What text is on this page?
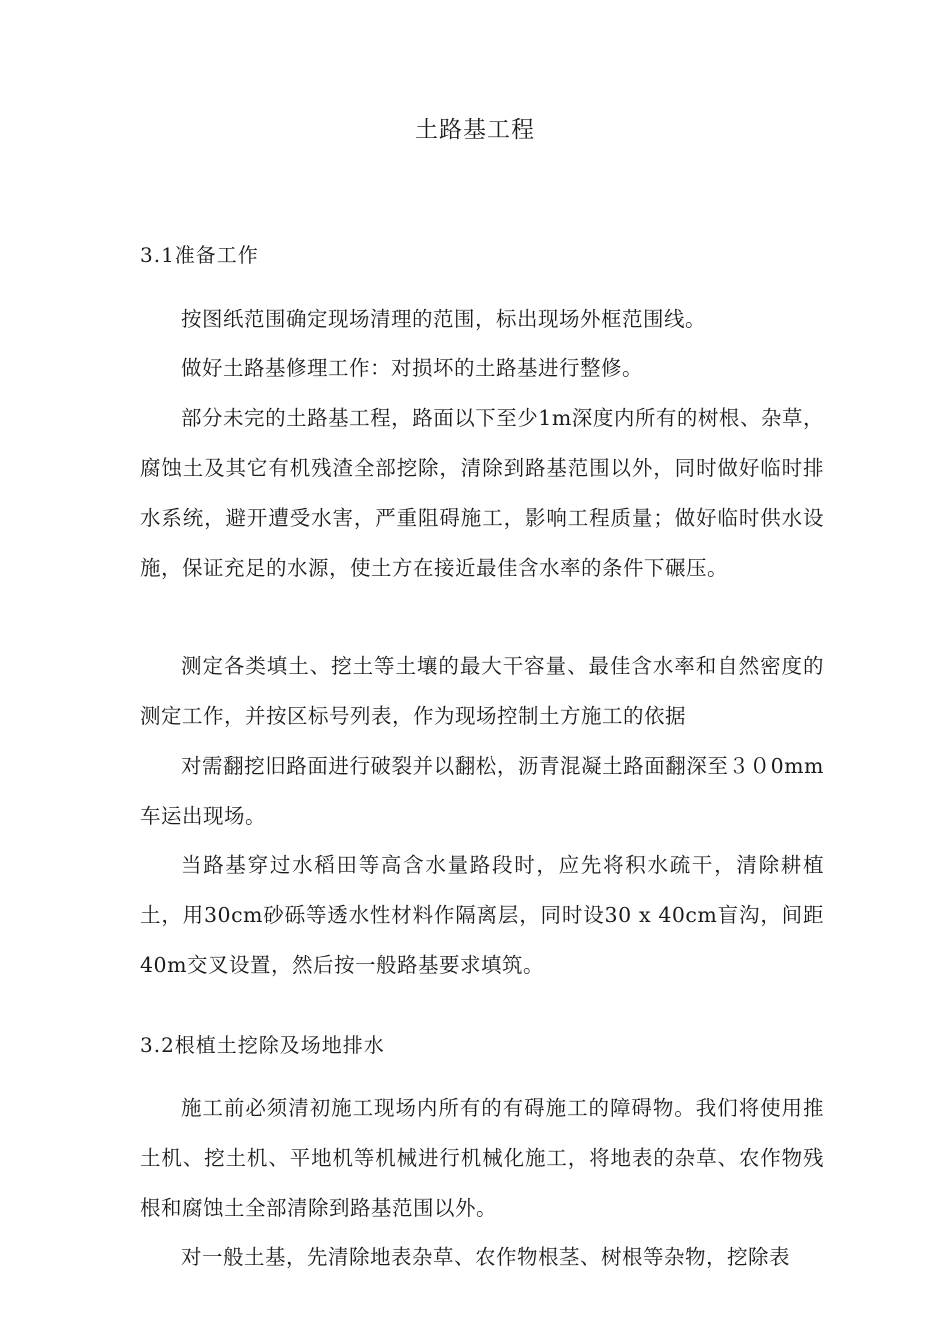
土路基工程
3.1准备工作

按图纸范围确定现场清理的范围，标出现场外框范围线。

做好土路基修理工作：对损坏的土路基进行整修。

部分未完的土路基工程，路面以下至少1m深度内所有的树根、杂草，腐蚀土及其它有机残渣全部挖除，清除到路基范围以外，同时做好临时排水系统，避开遭受水害，严重阻碍施工，影响工程质量；做好临时供水设施，保证充足的水源，使土方在接近最佳含水率的条件下碾压。

测定各类填土、挖土等土壤的最大干容量、最佳含水率和自然密度的测定工作，并按区标号列表，作为现场控制土方施工的依据

对需翻挖旧路面进行破裂并以翻松，沥青混凝土路面翻深至３０0mm车运出现场。

当路基穿过水稻田等高含水量路段时，应先将积水疏干，清除耕植土，用30cm砂砾等透水性材料作隔离层，同时设30 x 40cm盲沟，间距40m交叉设置，然后按一般路基要求填筑。

3.2根植土挖除及场地排水

施工前必须清初施工现场内所有的有碍施工的障碍物。我们将使用推土机、挖土机、平地机等机械进行机械化施工，将地表的杂草、农作物残根和腐蚀土全部清除到路基范围以外。

对一般土基，先清除地表杂草、农作物根茎、树根等杂物，挖除表
